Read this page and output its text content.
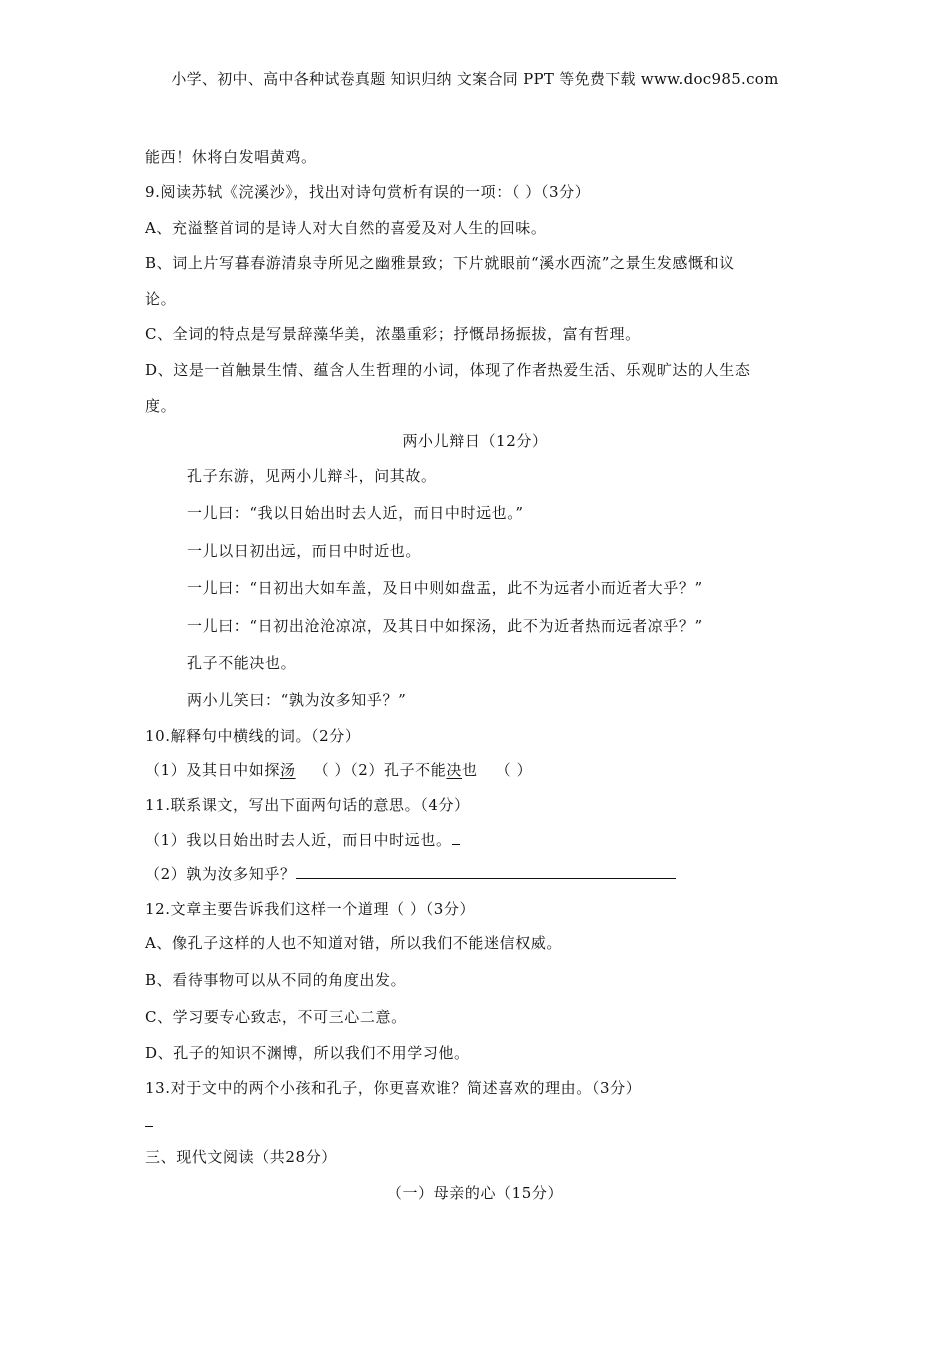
小学、初中、高中各种试卷真题 知识归纳 文案合同 PPT 等免费下载 www.doc985.com
能西！休将白发唱黄鸡。
9.阅读苏轼《浣溪沙》，找出对诗句赏析有误的一项：（ ）（3分）
A、充溢整首词的是诗人对大自然的喜爱及对人生的回味。
B、词上片写暮春游清泉寺所见之幽雅景致；下片就眼前“溪水西流”之景生发感慨和议
论。
C、全词的特点是写景辞藻华美，浓墨重彩；抒慨昂扬振拔，富有哲理。
D、这是一首触景生情、蕴含人生哲理的小词，体现了作者热爱生活、乐观旷达的人生态
度。
两小儿辩日（12分）
孔子东游，见两小儿辩斗，问其故。
一儿曰：“我以日始出时去人近，而日中时远也。”
一儿以日初出远，而日中时近也。
一儿曰：“日初出大如车盖，及日中则如盘盂，此不为远者小而近者大乎？”
一儿曰：“日初出沧沧凉凉，及其日中如探汤，此不为近者热而远者凉乎？”
孔子不能决也。
两小儿笑曰：“孰为汝多知乎？”
10.解释句中横线的词。（2分）
（1）及其日中如探汤 （ ）（2）孔子不能决也 （ ）
11.联系课文，写出下面两句话的意思。（4分）
（1）我以日始出时去人近，而日中时远也。
（2）孰为汝多知乎？
12.文章主要告诉我们这样一个道理（ ）（3分）
A、像孔子这样的人也不知道对错，所以我们不能迷信权威。
B、看待事物可以从不同的角度出发。
C、学习要专心致志，不可三心二意。
D、孔子的知识不渊博，所以我们不用学习他。
13.对于文中的两个小孩和孔子，你更喜欢谁？简述喜欢的理由。（3分）
三、现代文阅读（共28分）
（一）母亲的心（15分）
